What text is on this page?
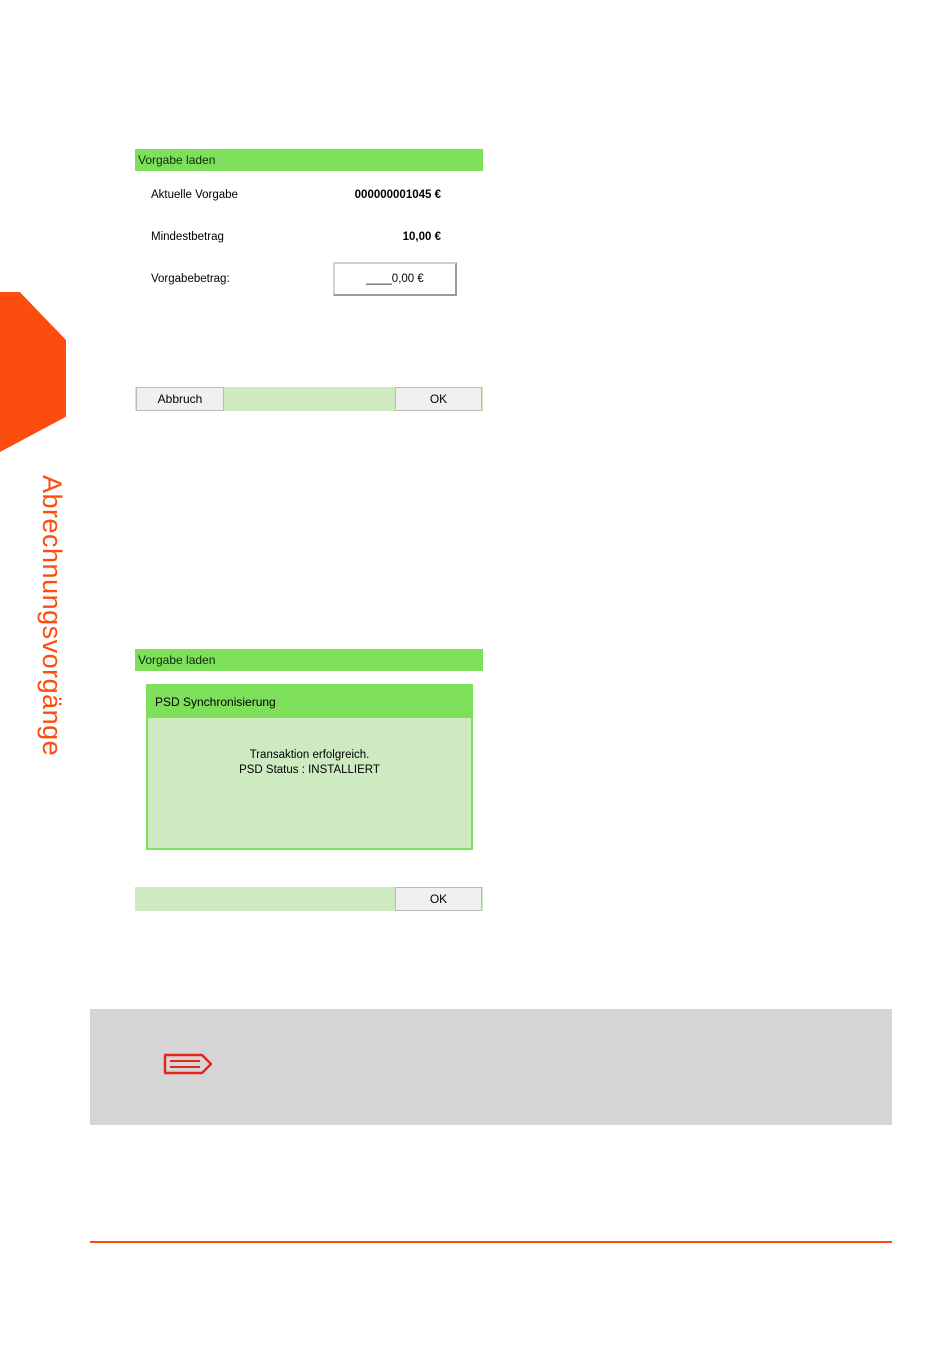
Abrechnungsvorgänge
Vorgabe laden
Aktuelle Vorgabe	000000001045 €
Mindestbetrag	10,00 €
Vorgabebetrag:	____0,00 €
Abbruch	OK
Vorgabe laden
PSD Synchronisierung
Transaktion erfolgreich.
PSD Status : INSTALLIERT
OK
